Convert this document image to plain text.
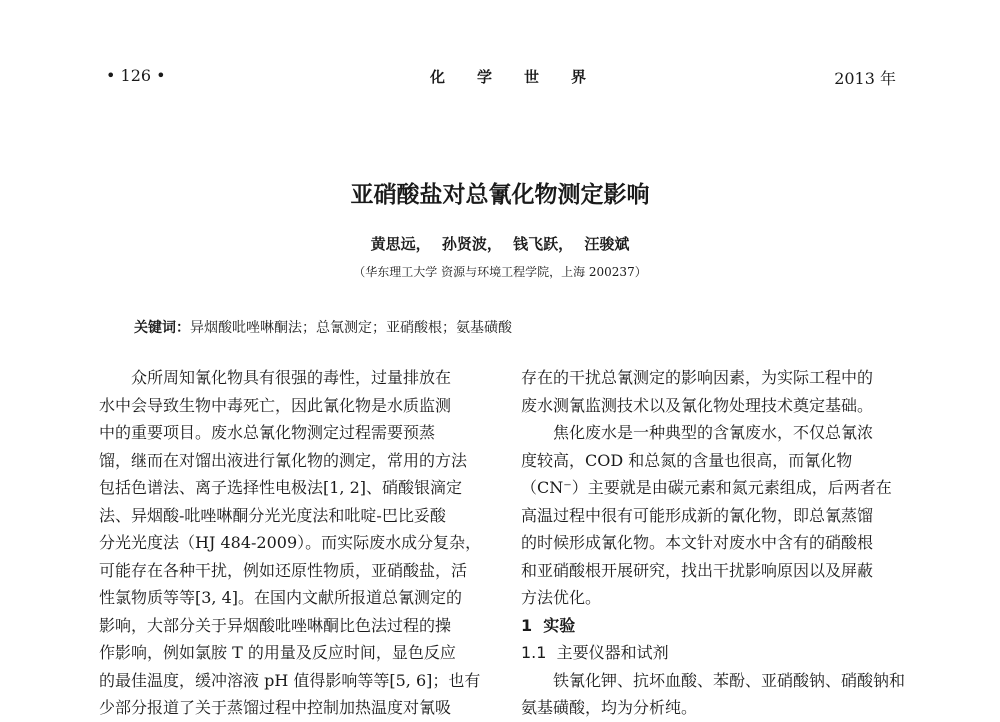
• 126 •	化学世界	2013 年
亚硝酸盐对总氰化物测定影响
黄思远， 孙贤波， 钱飞跃， 汪骏斌
（华东理工大学 资源与环境工程学院，上海 200237）
关键词：异烟酸吡唑啉酮法；总氰测定；亚硝酸根；氨基磺酸
众所周知氰化物具有很强的毒性，过量排放在
水中会导致生物中毒死亡，因此氰化物是水质监测
中的重要项目。废水总氰化物测定过程需要预蒸
馏，继而在对馏出液进行氰化物的测定，常用的方法
包括色谱法、离子选择性电极法[1, 2]、硝酸银滴定
法、异烟酸-吡唑啉酮分光光度法和吡啶-巴比妥酸
分光光度法（HJ 484-2009）。而实际废水成分复杂，
可能存在各种干扰，例如还原性物质，亚硝酸盐，活
性氯物质等等[3, 4]。在国内文献所报道总氰测定的
影响，大部分关于异烟酸吡唑啉酮比色法过程的操
作影响，例如氯胺 T 的用量及反应时间，显色反应
的最佳温度，缓冲溶液 pH 值得影响等等[5, 6]；也有
少部分报道了关于蒸馏过程中控制加热温度对氰吸
存在的干扰总氰测定的影响因素，为实际工程中的
废水测氰监测技术以及氰化物处理技术奠定基础。
焦化废水是一种典型的含氰废水，不仅总氰浓
度较高，COD 和总氮的含量也很高，而氰化物
（CN⁻）主要就是由碳元素和氮元素组成，后两者在
高温过程中很有可能形成新的氰化物，即总氰蒸馏
的时候形成氰化物。本文针对废水中含有的硝酸根
和亚硝酸根开展研究，找出干扰影响原因以及屏蔽
方法优化。
1 实验
1.1 主要仪器和试剂
铁氰化钾、抗坏血酸、苯酚、亚硝酸钠、硝酸钠和
氨基磺酸，均为分析纯。
